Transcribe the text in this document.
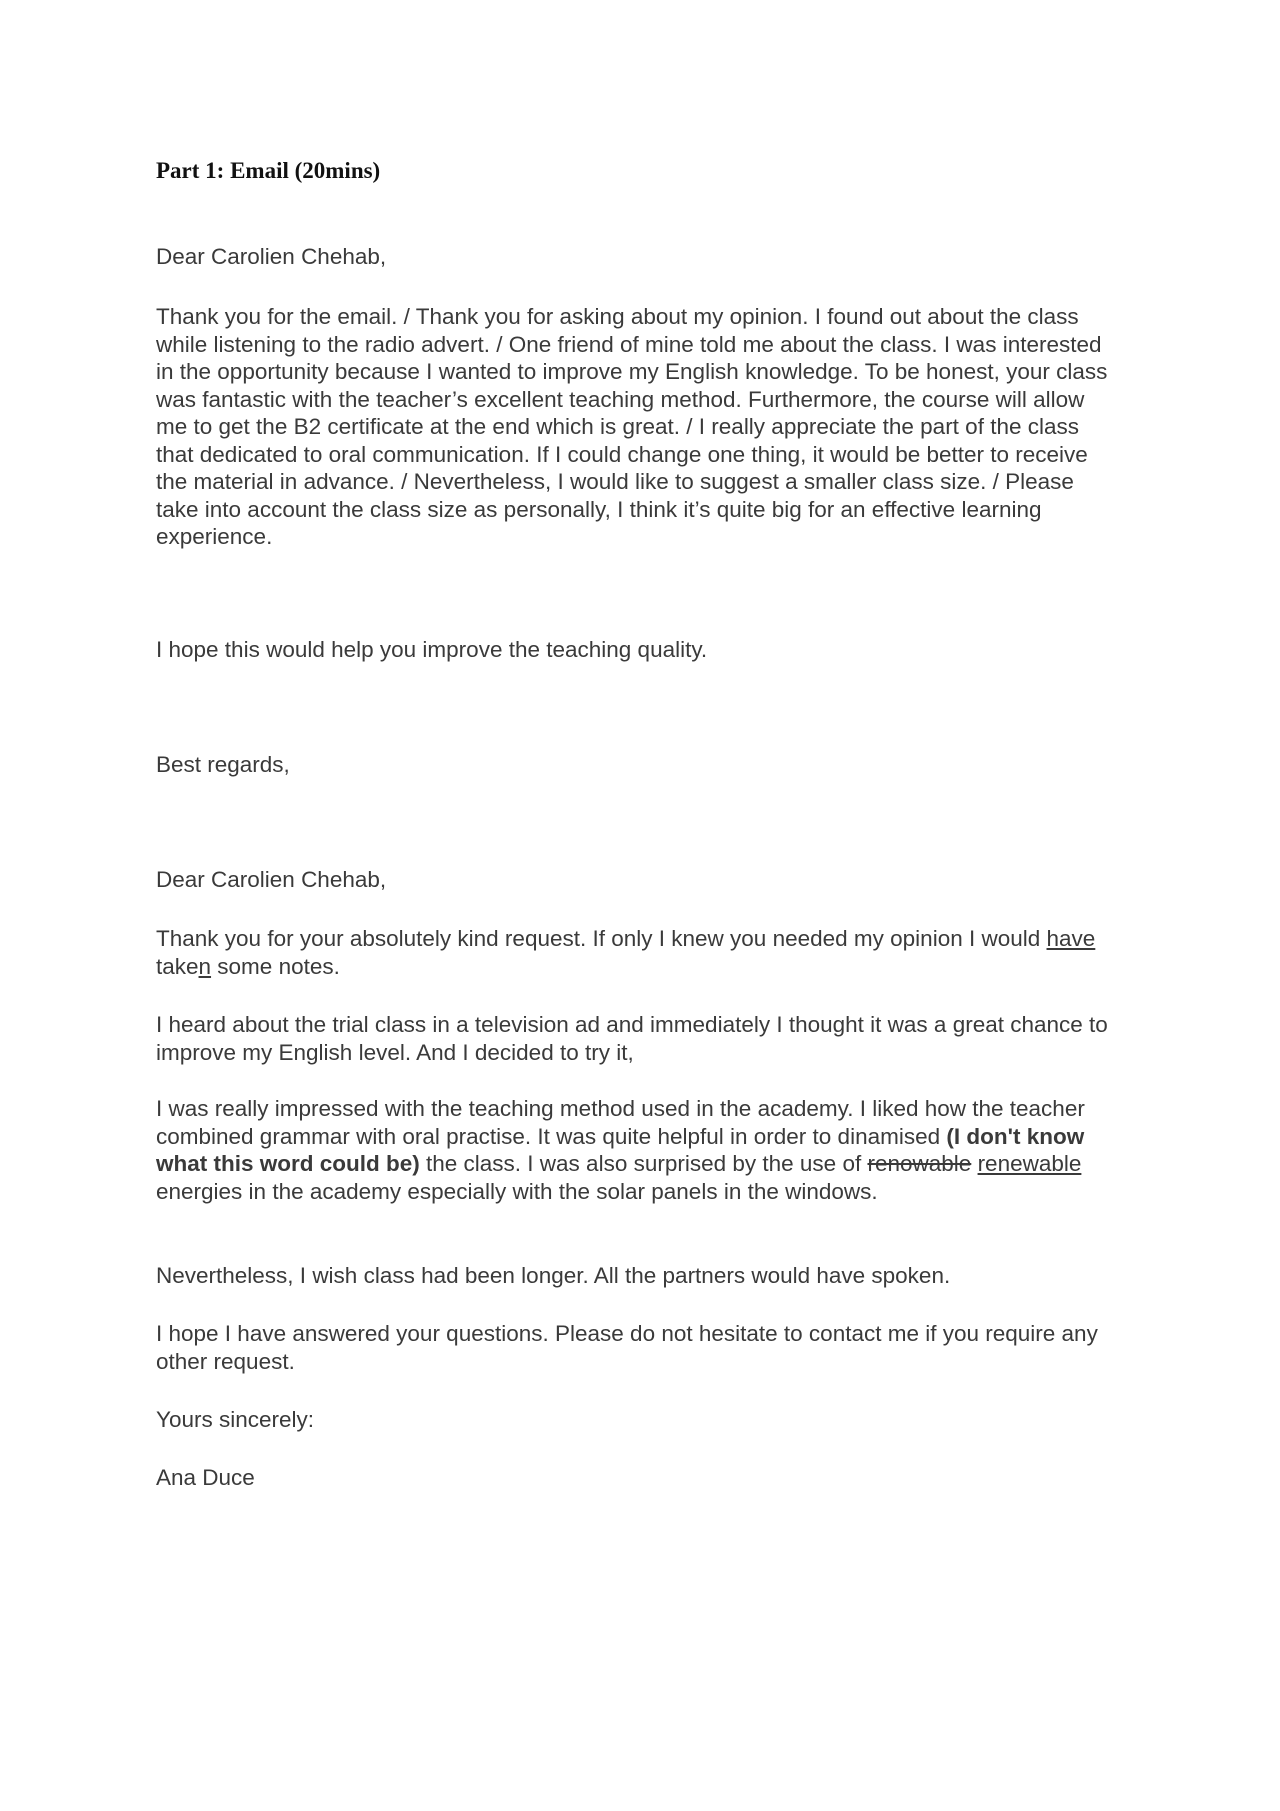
Part 1: Email (20mins)

Dear Carolien Chehab,

Thank you for the email. / Thank you for asking about my opinion. I found out about the class while listening to the radio advert. / One friend of mine told me about the class. I was interested in the opportunity because I wanted to improve my English knowledge. To be honest, your class was fantastic with the teacher’s excellent teaching method. Furthermore, the course will allow me to get the B2 certificate at the end which is great. / I really appreciate the part of the class that dedicated to oral communication. If I could change one thing, it would be better to receive the material in advance. / Nevertheless, I would like to suggest a smaller class size. / Please take into account the class size as personally, I think it’s quite big for an effective learning experience.

I hope this would help you improve the teaching quality.

Best regards,

Dear Carolien Chehab,

Thank you for your absolutely kind request. If only I knew you needed my opinion I would have taken some notes.

I heard about the trial class in a television ad and immediately I thought it was a great chance to improve my English level. And I decided to try it,

I was really impressed with the teaching method used in the academy. I liked how the teacher combined grammar with oral practise. It was quite helpful in order to dinamised (I don't know what this word could be) the class. I was also surprised by the use of renowable renewable energies in the academy especially with the solar panels in the windows.

Nevertheless, I wish class had been longer. All the partners would have spoken.

I hope I have answered your questions. Please do not hesitate to contact me if you require any other request.

Yours sincerely:

Ana Duce
